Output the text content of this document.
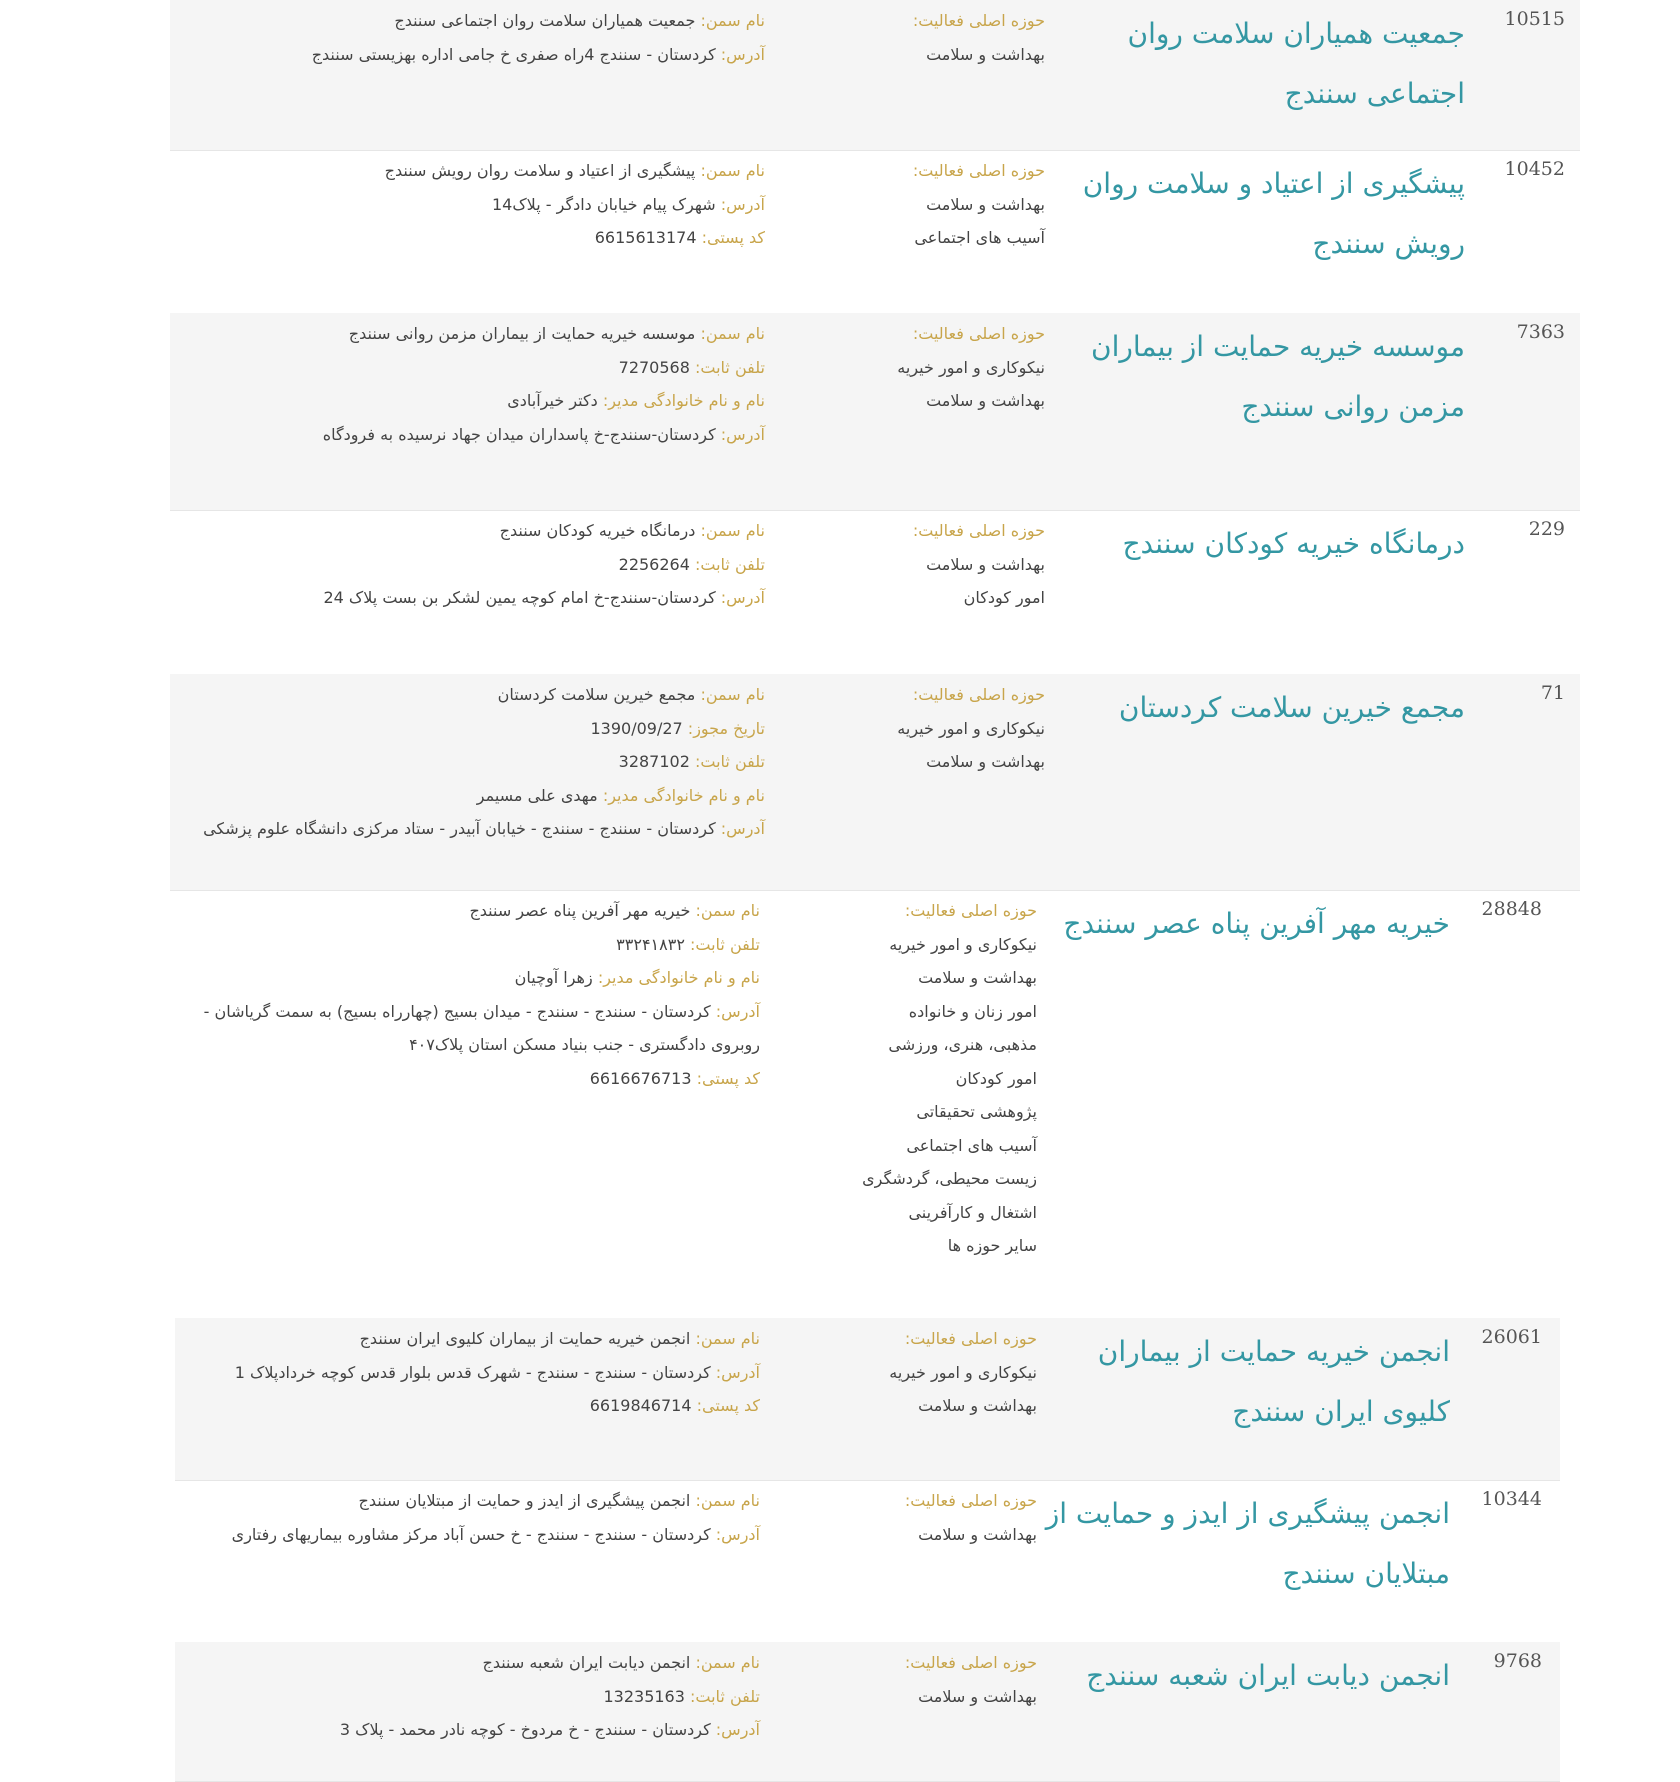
10515
جمعیت همیاران سلامت روان اجتماعی سنندج
حوزه اصلی فعالیت:
بهداشت و سلامت
نام سمن: جمعیت همیاران سلامت روان اجتماعی سنندج
آدرس: کردستان - سنندج 4راه صفری خ جامی اداره بهزیستی سنندج
10452
پیشگیری از اعتیاد و سلامت روان رویش سنندج
حوزه اصلی فعالیت:
بهداشت و سلامت
آسیب های اجتماعی
نام سمن: پیشگیری از اعتیاد و سلامت روان رویش سنندج
آدرس: شهرک پیام خیابان دادگر - پلاک14
کد پستی: 6615613174
7363
موسسه خیریه حمایت از بیماران مزمن روانی سنندج
حوزه اصلی فعالیت:
نیکوکاری و امور خیریه
بهداشت و سلامت
نام سمن: موسسه خیریه حمایت از بیماران مزمن روانی سنندج
تلفن ثابت: 7270568
نام و نام خانوادگی مدیر: دکتر خیرآبادی
آدرس: کردستان-سنندج-خ پاسداران میدان جهاد نرسیده به فرودگاه
229
درمانگاه خیریه کودکان سنندج
حوزه اصلی فعالیت:
بهداشت و سلامت
امور کودکان
نام سمن: درمانگاه خیریه کودکان سنندج
تلفن ثابت: 2256264
آدرس: کردستان-سنندج-خ امام کوچه یمین لشکر بن بست پلاک 24
71
مجمع خیرین سلامت کردستان
حوزه اصلی فعالیت:
نیکوکاری و امور خیریه
بهداشت و سلامت
نام سمن: مجمع خیرین سلامت کردستان
تاریخ مجوز: 1390/09/27
تلفن ثابت: 3287102
نام و نام خانوادگی مدیر: مهدی علی مسیمر
آدرس: کردستان - سنندج - سنندج - خیابان آبیدر - ستاد مرکزی دانشگاه علوم پزشکی
28848
خیریه مهر آفرین پناه عصر سنندج
حوزه اصلی فعالیت:
نیکوکاری و امور خیریه
بهداشت و سلامت
امور زنان و خانواده
مذهبی، هنری، ورزشی
امور کودکان
پژوهشی تحقیقاتی
آسیب های اجتماعی
زیست محیطی، گردشگری
اشتغال و کارآفرینی
سایر حوزه ها
نام سمن: خیریه مهر آفرین پناه عصر سنندج
تلفن ثابت: ۳۳۲۴۱۸۳۲
نام و نام خانوادگی مدیر: زهرا آوچیان
آدرس: کردستان - سنندج - سنندج - میدان بسیج (چهارراه بسیج) به سمت گریاشان - روبروی دادگستری - جنب بنیاد مسکن استان پلاک۴۰۷
کد پستی: 6616676713
26061
انجمن خیریه حمایت از بیماران کلیوی ایران سنندج
حوزه اصلی فعالیت:
نیکوکاری و امور خیریه
بهداشت و سلامت
نام سمن: انجمن خیریه حمایت از بیماران کلیوی ایران سنندج
آدرس: کردستان - سنندج - سنندج - شهرک قدس بلوار قدس کوچه خردادپلاک 1
کد پستی: 6619846714
10344
انجمن پیشگیری از ایدز و حمایت از مبتلایان سنندج
حوزه اصلی فعالیت:
بهداشت و سلامت
نام سمن: انجمن پیشگیری از ایدز و حمایت از مبتلایان سنندج
آدرس: کردستان - سنندج - سنندج - خ حسن آباد مرکز مشاوره بیماریهای رفتاری
9768
انجمن دیابت ایران شعبه سنندج
حوزه اصلی فعالیت:
بهداشت و سلامت
نام سمن: انجمن دیابت ایران شعبه سنندج
تلفن ثابت: 13235163
آدرس: کردستان - سنندج - خ مردوخ - کوچه نادر محمد - پلاک 3
